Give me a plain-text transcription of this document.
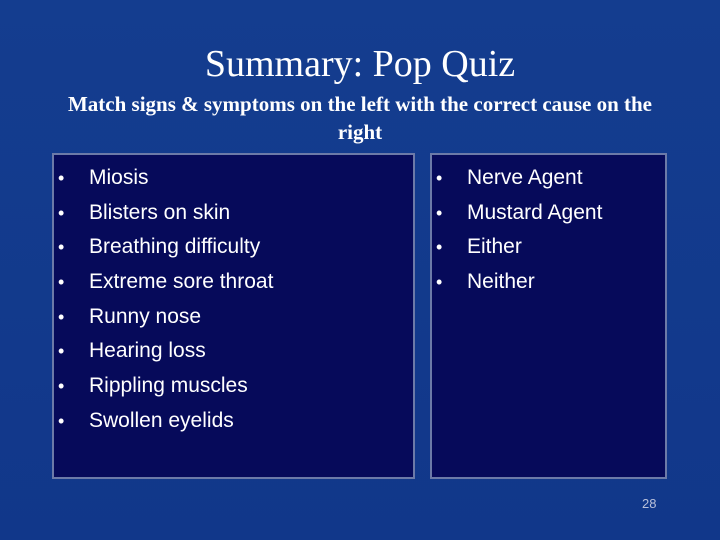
Summary: Pop Quiz
Match signs & symptoms on the left with the correct cause on the right
• Miosis
• Blisters on skin
• Breathing difficulty
• Extreme sore throat
• Runny nose
• Hearing loss
• Rippling muscles
• Swollen eyelids
• Nerve Agent
• Mustard Agent
• Either
• Neither
28
